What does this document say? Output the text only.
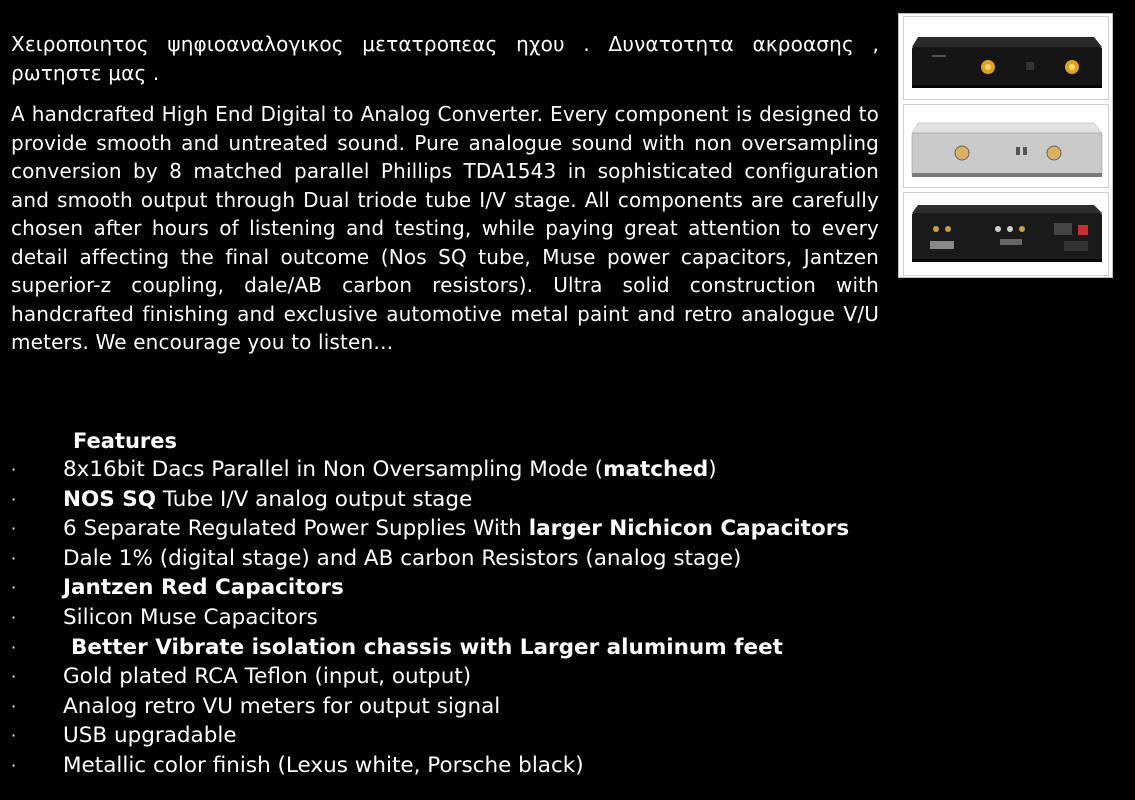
Χειροποιητος ψηφιοαναλογικος μετατροπεας ηχου . Δυνατοτητα ακροασης , ρωτηστε μας .

A handcrafted High End Digital to Analog Converter. Every component is designed to provide smooth and untreated sound. Pure analogue sound with non oversampling conversion by 8 matched parallel Phillips TDA1543 in sophisticated configuration and smooth output through Dual triode tube I/V stage. All components are carefully chosen after hours of listening and testing, while paying great attention to every detail affecting the final outcome (Nos SQ tube, Muse power capacitors, Jantzen superior-z coupling, dale/AB carbon resistors). Ultra solid construction with handcrafted finishing and exclusive automotive metal paint and retro analogue V/U meters. We encourage you to listen…

Features
· 8x16bit Dacs Parallel in Non Oversampling Mode (matched)
· NOS SQ Tube I/V analog output stage
· 6 Separate Regulated Power Supplies With larger Nichicon Capacitors
· Dale 1% (digital stage) and AB carbon Resistors (analog stage)
· Jantzen Red Capacitors
· Silicon Muse Capacitors
·	Better Vibrate isolation chassis with Larger aluminum feet
· Gold plated RCA Teflon (input, output)
· Analog retro VU meters for output signal
· USB upgradable
· Metallic color finish (Lexus white, Porsche black)
